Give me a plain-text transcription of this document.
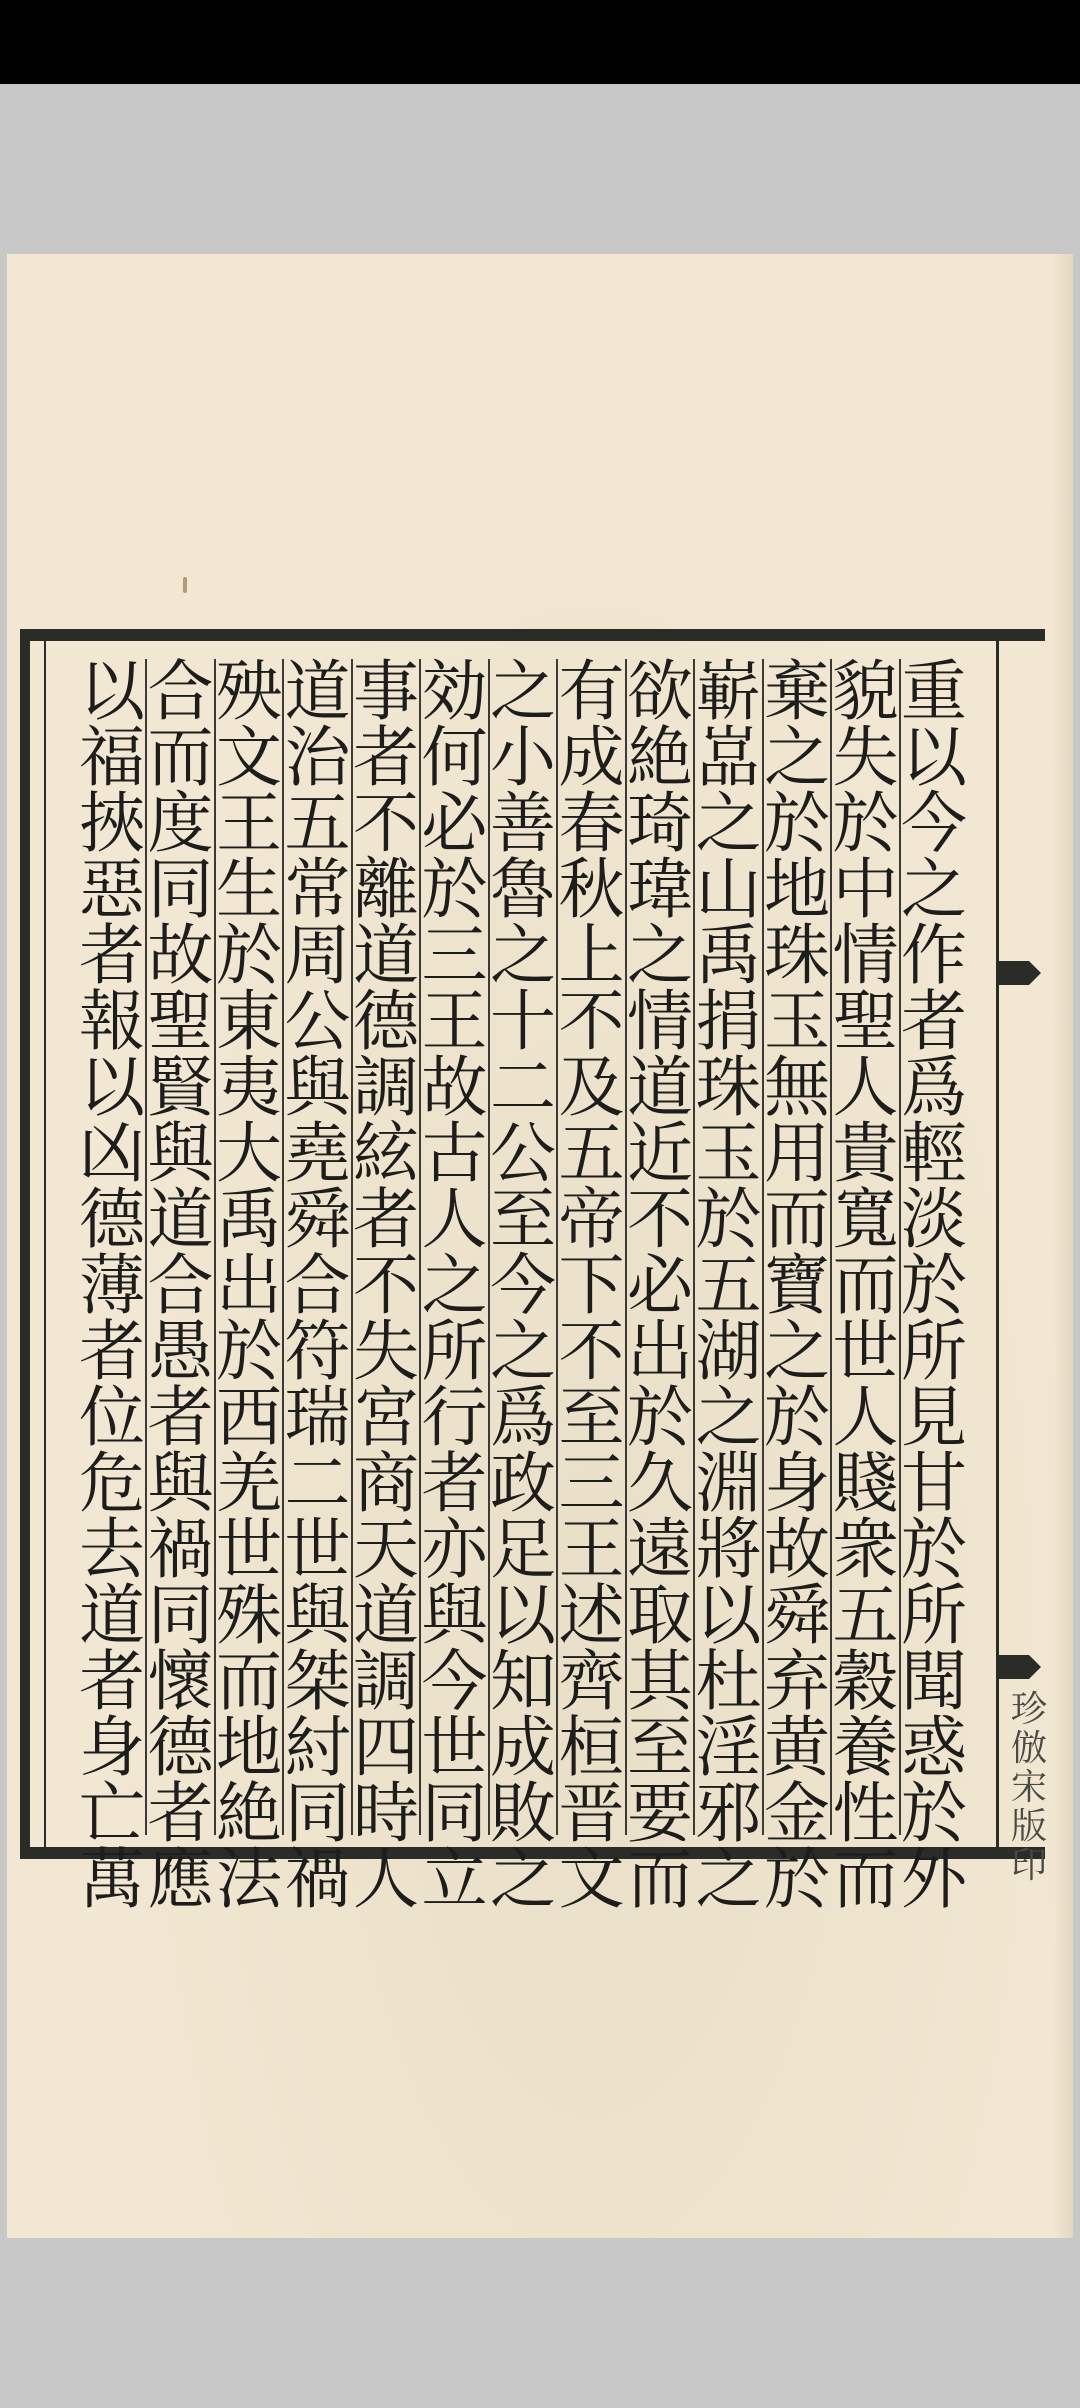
重
以
今
之
作
者
爲
輕
淡
於
所
見
甘
於
所
聞
惑
於
外
貌
失
於
中
情
聖
人
貴
寬
而
世
人
賤
衆
五
穀
養
性
而
棄
之
於
地
珠
玉
無
用
而
寶
之
於
身
故
舜
弃
黄
金
於
嶄
嵓
之
山
禹
捐
珠
玉
於
五
湖
之
淵
將
以
杜
淫
邪
之
欲
絶
琦
瑋
之
情
道
近
不
必
出
於
久
遠
取
其
至
要
而
有
成
春
秋
上
不
及
五
帝
下
不
至
三
王
述
齊
桓
晋
文
之
小
善
魯
之
十
二
公
至
今
之
爲
政
足
以
知
成
敗
之
効
何
必
於
三
王
故
古
人
之
所
行
者
亦
與
今
世
同
立
事
者
不
離
道
德
調
絃
者
不
失
宮
商
天
道
調
四
時
人
道
治
五
常
周
公
與
堯
舜
合
符
瑞
二
世
與
桀
紂
同
禍
殃
文
王
生
於
東
夷
大
禹
出
於
西
羌
世
殊
而
地
絶
法
合
而
度
同
故
聖
賢
與
道
合
愚
者
與
禍
同
懷
德
者
應
以
福
挾
惡
者
報
以
凶
德
薄
者
位
危
去
道
者
身
亡
萬
珍
倣
宋
版
印
